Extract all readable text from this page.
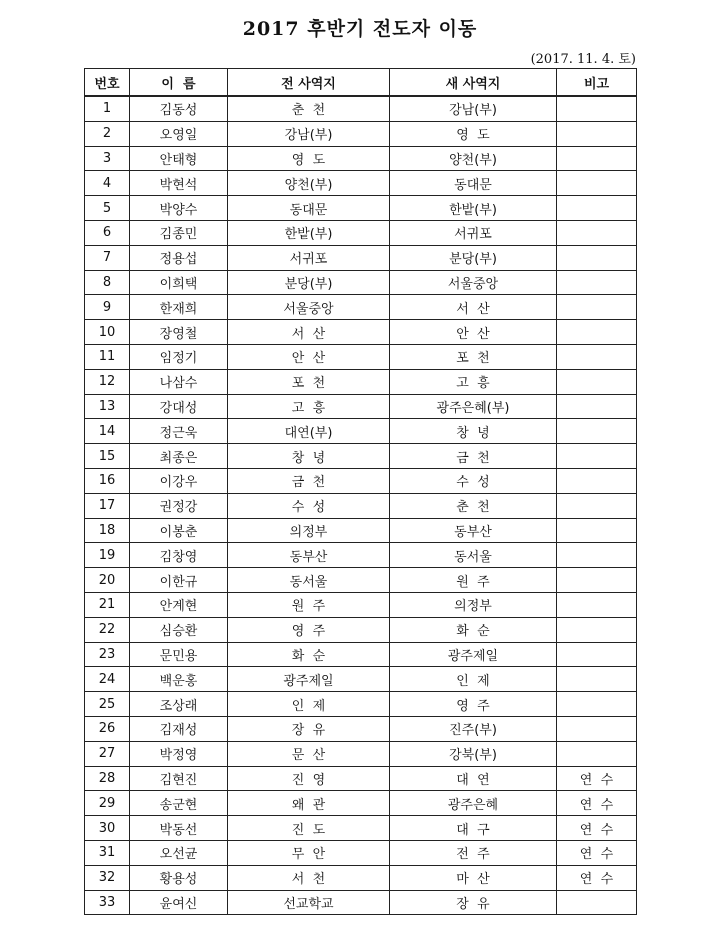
2017 후반기 전도자 이동
(2017. 11. 4. 토)
번호	이  름	전 사역지	새 사역지	비고
1	김동성	춘  천	강남(부)	
2	오영일	강남(부)	영  도	
3	안태형	영  도	양천(부)	
4	박현석	양천(부)	동대문	
5	박양수	동대문	한밭(부)	
6	김종민	한밭(부)	서귀포	
7	정용섭	서귀포	분당(부)	
8	이희택	분당(부)	서울중앙	
9	한재희	서울중앙	서  산	
10	장영철	서  산	안  산	
11	임정기	안  산	포  천	
12	나삼수	포  천	고  흥	
13	강대성	고  흥	광주은혜(부)	
14	정근욱	대연(부)	창  녕	
15	최종은	창  녕	금  천	
16	이강우	금  천	수  성	
17	권정강	수  성	춘  천	
18	이봉춘	의정부	동부산	
19	김창영	동부산	동서울	
20	이한규	동서울	원  주	
21	안계현	원  주	의정부	
22	심승환	영  주	화  순	
23	문민용	화  순	광주제일	
24	백운홍	광주제일	인  제	
25	조상래	인  제	영  주	
26	김재성	장  유	진주(부)	
27	박정영	문  산	강북(부)	
28	김현진	진  영	대  연	연  수
29	송군현	왜  관	광주은혜	연  수
30	박동선	진  도	대  구	연  수
31	오선균	무  안	전  주	연  수
32	황용성	서  천	마  산	연  수
33	윤여신	선교학교	장  유	
